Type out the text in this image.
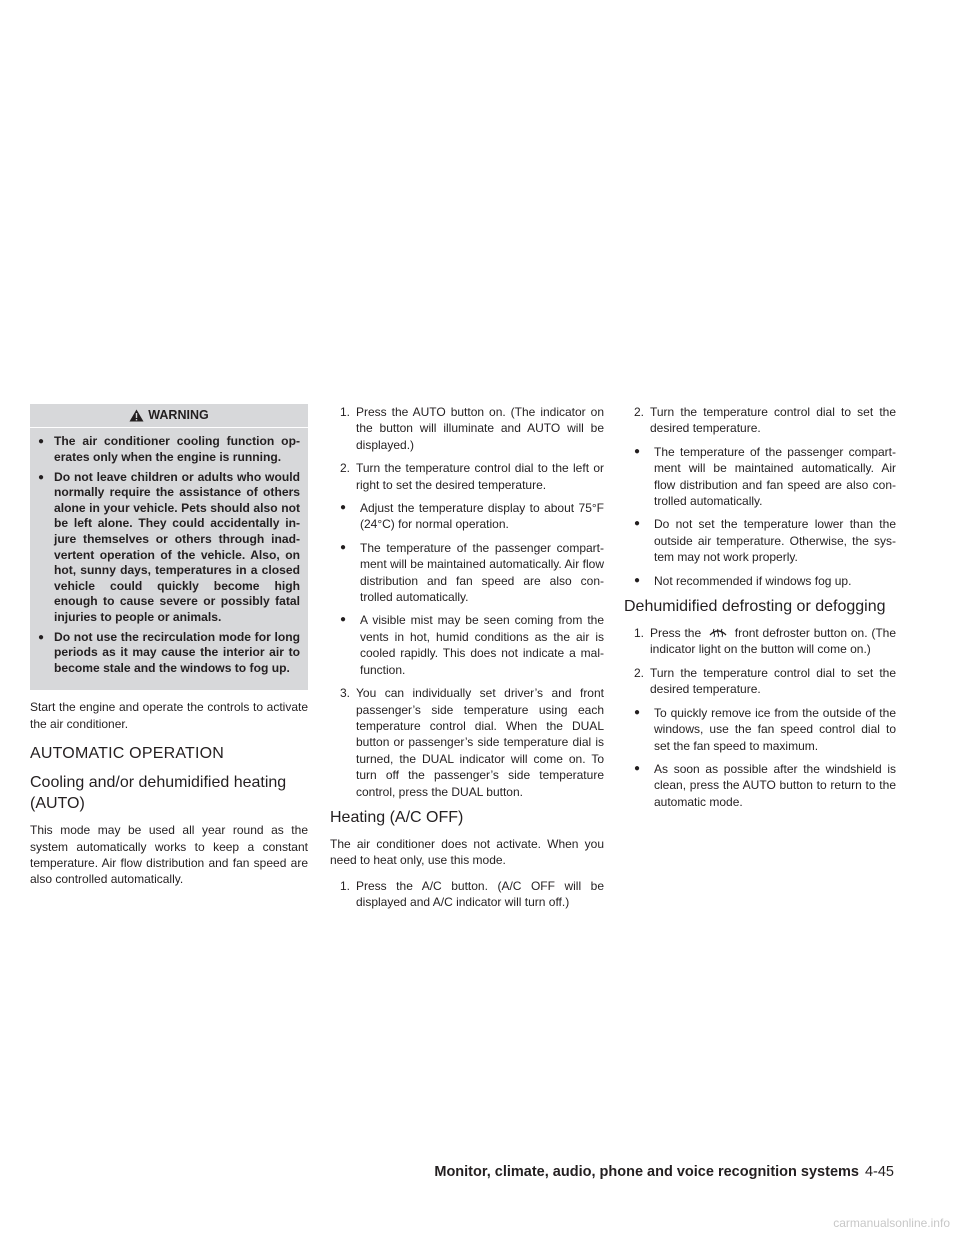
WARNING
● The air conditioner cooling function op- erates only when the engine is running.
● Do not leave children or adults who would normally require the assistance of others alone in your vehicle. Pets should also not be left alone. They could accidentally in- jure themselves or others through inad- vertent operation of the vehicle. Also, on hot, sunny days, temperatures in a closed vehicle could quickly become high enough to cause severe or possibly fatal injuries to people or animals.
● Do not use the recirculation mode for long periods as it may cause the interior air to become stale and the windows to fog up.

Start the engine and operate the controls to activate the air conditioner.

AUTOMATIC OPERATION
Cooling and/or dehumidified heating (AUTO)

This mode may be used all year round as the system automatically works to keep a constant temperature. Air flow distribution and fan speed are also controlled automatically.

1. Press the AUTO button on. (The indicator on the button will illuminate and AUTO will be displayed.)
2. Turn the temperature control dial to the left or right to set the desired temperature.
●	Adjust the temperature display to about 75°F (24°C) for normal operation.
●	The temperature of the passenger compart- ment will be maintained automatically. Air flow distribution and fan speed are also con- trolled automatically.
●	A visible mist may be seen coming from the vents in hot, humid conditions as the air is cooled rapidly. This does not indicate a mal- function.
3. You can individually set driver’s and front passenger’s side temperature using each temperature control dial. When the DUAL button or passenger’s side temperature dial is turned, the DUAL indicator will come on. To turn off the passenger’s side temperature control, press the DUAL button.
Heating (A/C OFF)

The air conditioner does not activate. When you need to heat only, use this mode.

1. Press the A/C button. (A/C OFF will be displayed and A/C indicator will turn off.)
2. Turn the temperature control dial to set the desired temperature.
●	The temperature of the passenger compart- ment will be maintained automatically. Air flow distribution and fan speed are also con- trolled automatically.
●	Do not set the temperature lower than the outside air temperature. Otherwise, the sys- tem may not work properly.
●	Not recommended if windows fog up.
Dehumidified defrosting or defogging
1. Press the	front defroster button on. (The indicator light on the button will come on.)
2. Turn the temperature control dial to set the desired temperature.
●	To quickly remove ice from the outside of the windows, use the fan speed control dial to set the fan speed to maximum.
●	As soon as possible after the windshield is clean, press the AUTO button to return to the automatic mode.
Monitor, climate, audio, phone and voice recognition systems 4-45
carmanualsonline.info
